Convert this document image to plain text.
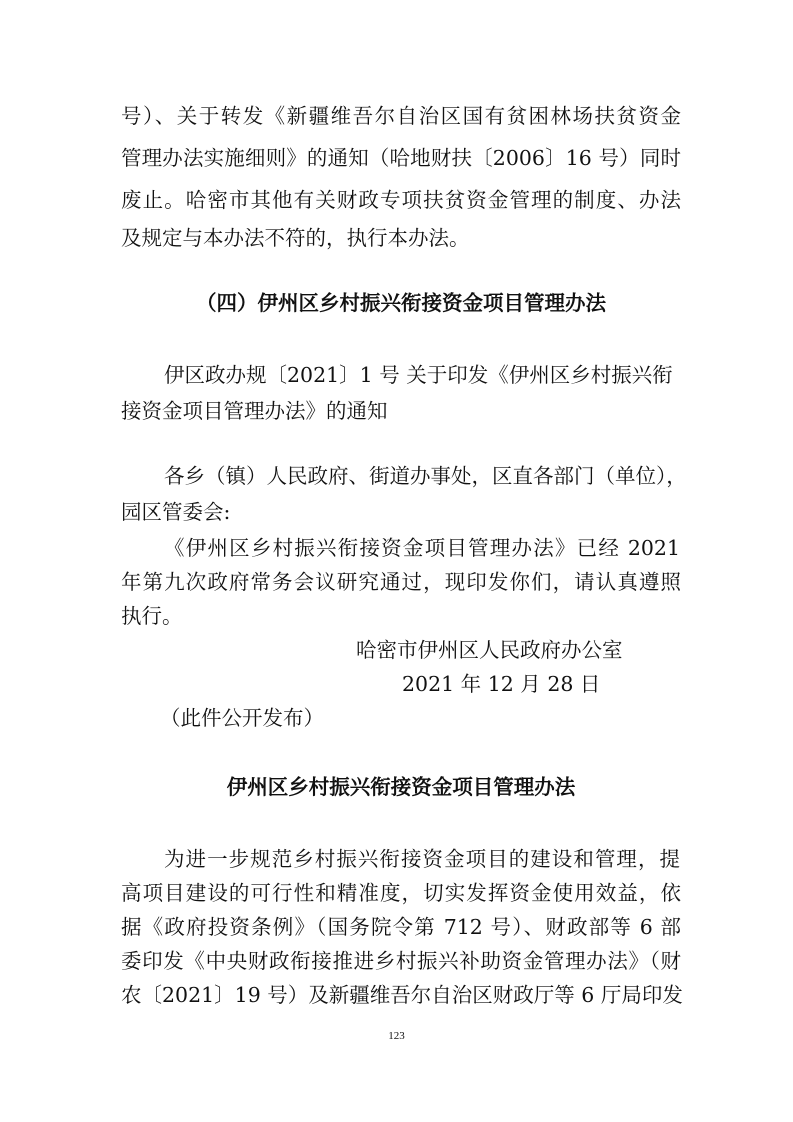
号）、关于转发《新疆维吾尔自治区国有贫困林场扶贫资金
管理办法实施细则》的通知（哈地财扶〔2006〕16 号）同时
废止。哈密市其他有关财政专项扶贫资金管理的制度、办法
及规定与本办法不符的，执行本办法。
（四）伊州区乡村振兴衔接资金项目管理办法
伊区政办规〔2021〕1 号 关于印发《伊州区乡村振兴衔
接资金项目管理办法》的通知
各乡（镇）人民政府、街道办事处，区直各部门（单位），
园区管委会:
《伊州区乡村振兴衔接资金项目管理办法》已经 2021
年第九次政府常务会议研究通过，现印发你们，请认真遵照
执行。
哈密市伊州区人民政府办公室
2021 年 12 月 28 日
（此件公开发布）
伊州区乡村振兴衔接资金项目管理办法
为进一步规范乡村振兴衔接资金项目的建设和管理，提
高项目建设的可行性和精准度，切实发挥资金使用效益，依
据《政府投资条例》（国务院令第 712 号）、财政部等 6 部
委印发《中央财政衔接推进乡村振兴补助资金管理办法》（财
农〔2021〕19 号）及新疆维吾尔自治区财政厅等 6 厅局印发
123
